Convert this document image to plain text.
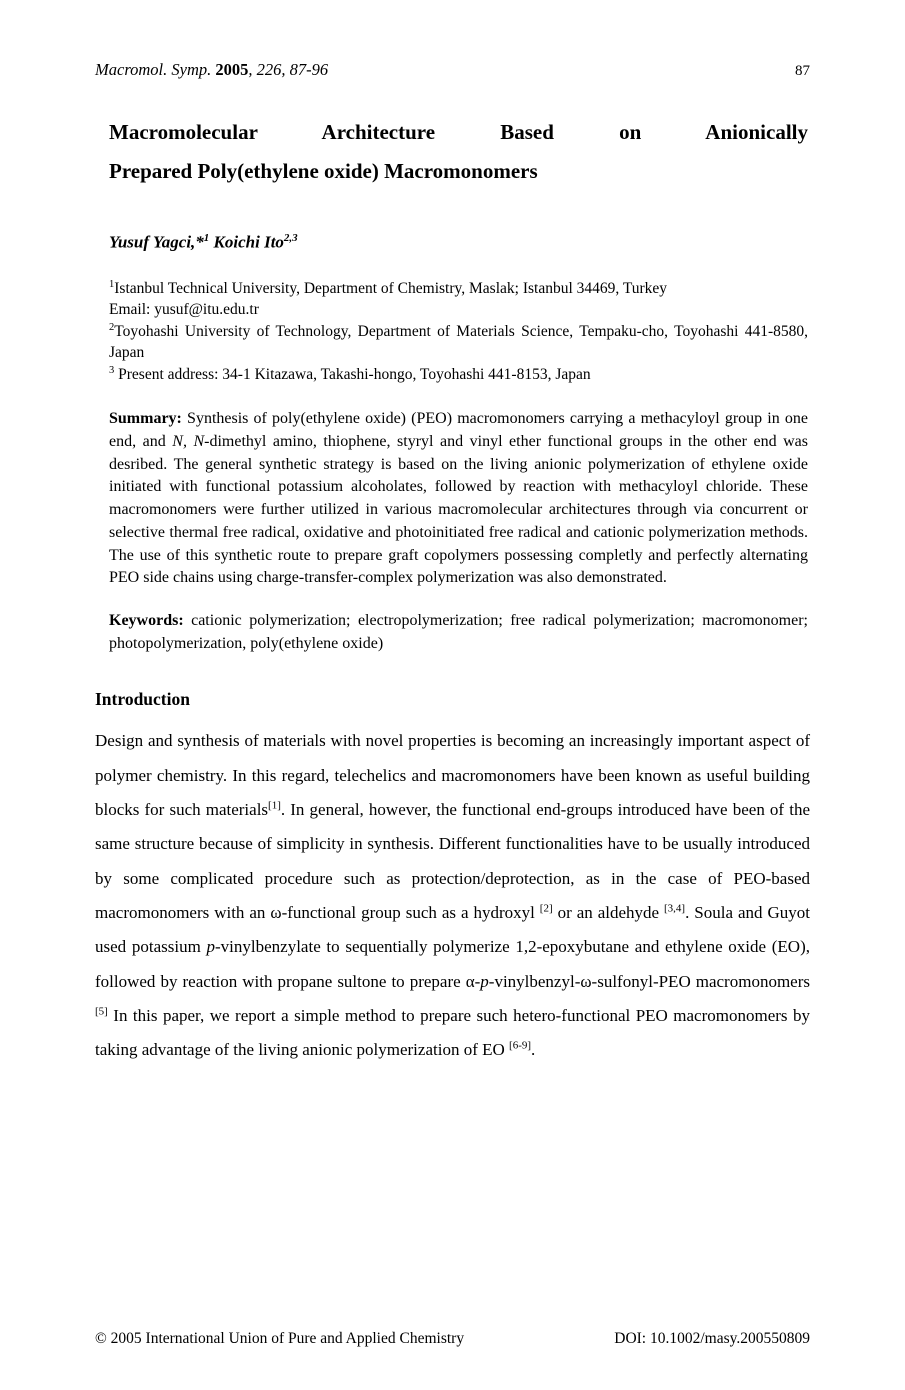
Macromol. Symp. 2005, 226, 87-96	87
Macromolecular Architecture Based on Anionically
Prepared Poly(ethylene oxide) Macromonomers
Yusuf Yagci,*$^1$ Koichi Ito$^{2,3}$

$^1$Istanbul Technical University, Department of Chemistry, Maslak; Istanbul 34469, Turkey

Email: yusuf@itu.edu.tr

$^2$Toyohashi University of Technology, Department of Materials Science, Tempaku-cho, Toyohashi 441-8580, Japan

$^3$ Present address: 34-1 Kitazawa, Takashi-hongo, Toyohashi 441-8153, Japan

Summary: Synthesis of poly(ethylene oxide) (PEO) macromonomers carrying a methacyloyl group in one end, and N, N-dimethyl amino, thiophene, styryl and vinyl ether functional groups in the other end was desribed. The general synthetic strategy is based on the living anionic polymerization of ethylene oxide initiated with functional potassium alcoholates, followed by reaction with methacyloyl chloride. These macromonomers were further utilized in various macromolecular architectures through via concurrent or selective thermal free radical, oxidative and photoinitiated free radical and cationic polymerization methods. The use of this synthetic route to prepare graft copolymers possessing completly and perfectly alternating PEO side chains using charge-transfer-complex polymerization was also demonstrated.
Keywords: cationic polymerization; electropolymerization; free radical polymerization; macromonomer; photopolymerization, poly(ethylene oxide)
Introduction

Design and synthesis of materials with novel properties is becoming an increasingly important aspect of polymer chemistry. In this regard, telechelics and macromonomers have been known as useful building blocks for such materials[1]. In general, however, the functional end-groups introduced have been of the same structure because of simplicity in synthesis. Different functionalities have to be usually introduced by some complicated procedure such as protection/deprotection, as in the case of PEO-based macromonomers with an ω-functional group such as a hydroxyl [2] or an aldehyde [3,4]. Soula and Guyot used potassium p-vinylbenzylate to sequentially polymerize 1,2-epoxybutane and ethylene oxide (EO), followed by reaction with propane sultone to prepare α-p-vinylbenzyl-ω-sulfonyl-PEO macromonomers [5] In this paper, we report a simple method to prepare such hetero-functional PEO macromonomers by taking advantage of the living anionic polymerization of EO [6-9].

© 2005 International Union of Pure and Applied Chemistry	DOI: 10.1002/masy.200550809
